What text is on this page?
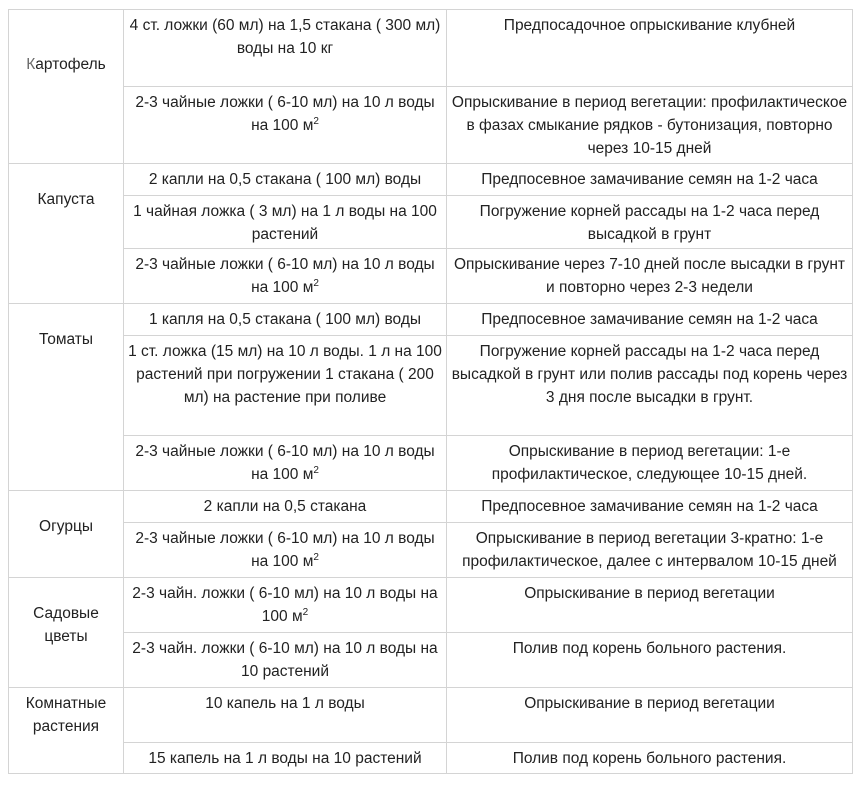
Картофель	4 ст. ложки (60 мл) на 1,5 стакана ( 300 мл) воды на 10 кг	Предпосадочное опрыскивание клубней
	2-3 чайные ложки ( 6-10 мл) на 10 л воды на 100 $м^2$	Опрыскивание в период вегетации: профилактическое в фазах смыкание рядков - бутонизация, повторно через 10-15 дней
Капуста	2 капли на 0,5 стакана ( 100 мл) воды	Предпосевное замачивание семян на 1-2 часа
	1 чайная ложка ( 3 мл) на 1 л воды на 100 растений	Погружение корней рассады на 1-2 часа перед высадкой в грунт
	2-3 чайные ложки ( 6-10 мл) на 10 л воды на 100 $м^2$	Опрыскивание через 7-10 дней после высадки в грунт и повторно через 2-3 недели
Томаты	1 капля на 0,5 стакана ( 100 мл) воды	Предпосевное замачивание семян на 1-2 часа
	1 ст. ложка (15 мл) на 10 л воды. 1 л на 100 растений при погружении 1 стакана ( 200 мл) на растение при поливе	Погружение корней рассады на 1-2 часа перед высадкой в грунт или полив рассады под корень через 3 дня после высадки в грунт.
	2-3 чайные ложки ( 6-10 мл) на 10 л воды на 100 $м^2$	Опрыскивание в период вегетации: 1-е профилактическое, следующее 10-15 дней.
Огурцы	2 капли на 0,5 стакана	Предпосевное замачивание семян на 1-2 часа
	2-3 чайные ложки ( 6-10 мл) на 10 л воды на 100 $м^2$	Опрыскивание в период вегетации 3-кратно: 1-е профилактическое, далее с интервалом 10-15 дней
Садовые цветы	2-3 чайн. ложки ( 6-10 мл) на 10 л воды на 100 $м^2$	Опрыскивание в период вегетации
	2-3 чайн. ложки ( 6-10 мл) на 10 л воды на 10 растений	Полив под корень больного растения.
Комнатные растения	10 капель на 1 л воды	Опрыскивание в период вегетации
	15 капель на 1 л воды на 10 растений	Полив под корень больного растения.
